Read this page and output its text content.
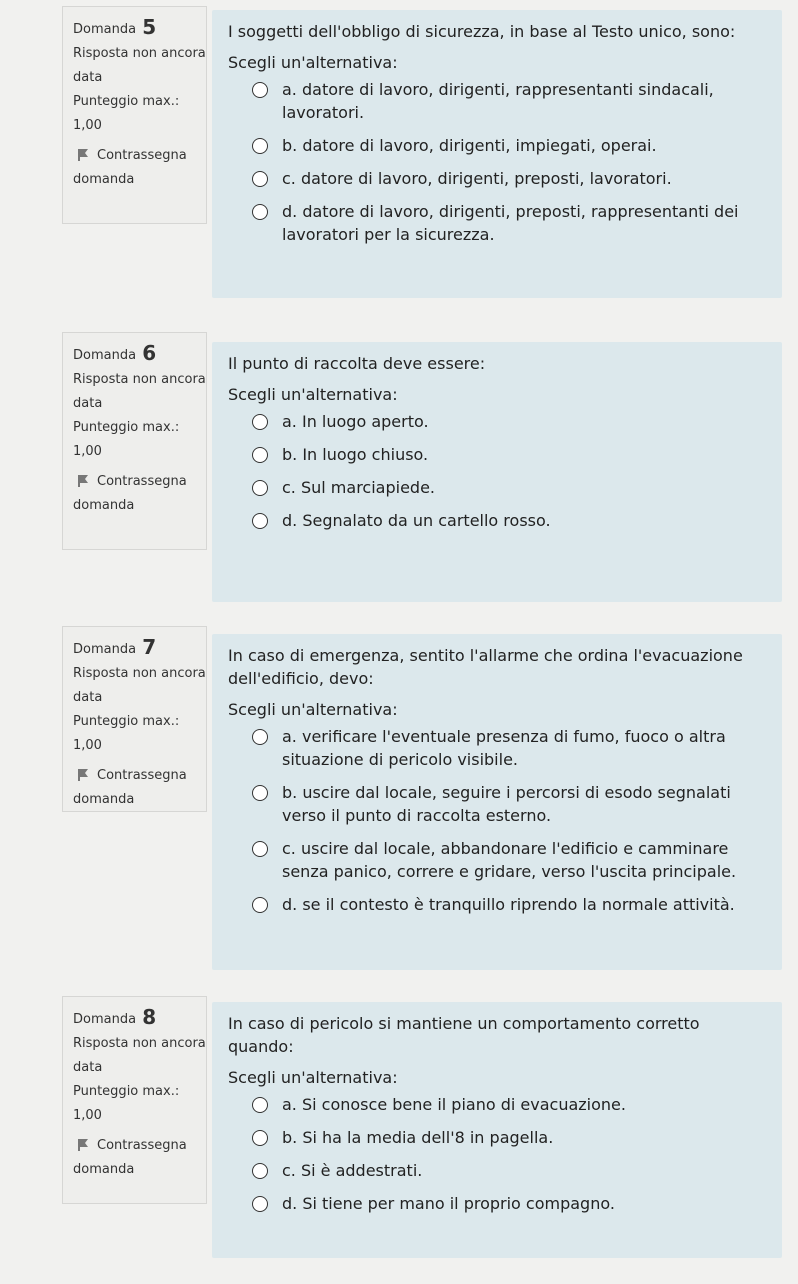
Domanda 5
Risposta non ancora data
Punteggio max.:
1,00
Contrassegna domanda
I soggetti dell'obbligo di sicurezza, in base al Testo unico, sono:
Scegli un'alternativa:
a. datore di lavoro, dirigenti, rappresentanti sindacali, lavoratori.
b. datore di lavoro, dirigenti, impiegati, operai.
c. datore di lavoro, dirigenti, preposti, lavoratori.
d. datore di lavoro, dirigenti, preposti, rappresentanti dei lavoratori per la sicurezza.
Domanda 6
Risposta non ancora data
Punteggio max.:
1,00
Contrassegna domanda
Il punto di raccolta deve essere:
Scegli un'alternativa:
a. In luogo aperto.
b. In luogo chiuso.
c. Sul marciapiede.
d. Segnalato da un cartello rosso.
Domanda 7
Risposta non ancora data
Punteggio max.:
1,00
Contrassegna domanda
In caso di emergenza, sentito l'allarme che ordina l'evacuazione dell'edificio, devo:
Scegli un'alternativa:
a. verificare l'eventuale presenza di fumo, fuoco o altra situazione di pericolo visibile.
b. uscire dal locale, seguire i percorsi di esodo segnalati verso il punto di raccolta esterno.
c. uscire dal locale, abbandonare l'edificio e camminare senza panico, correre e gridare, verso l'uscita principale.
d. se il contesto è tranquillo riprendo la normale attività.
Domanda 8
Risposta non ancora data
Punteggio max.:
1,00
Contrassegna domanda
In caso di pericolo si mantiene un comportamento corretto quando:
Scegli un'alternativa:
a. Si conosce bene il piano di evacuazione.
b. Si ha la media dell'8 in pagella.
c. Si è addestrati.
d. Si tiene per mano il proprio compagno.
